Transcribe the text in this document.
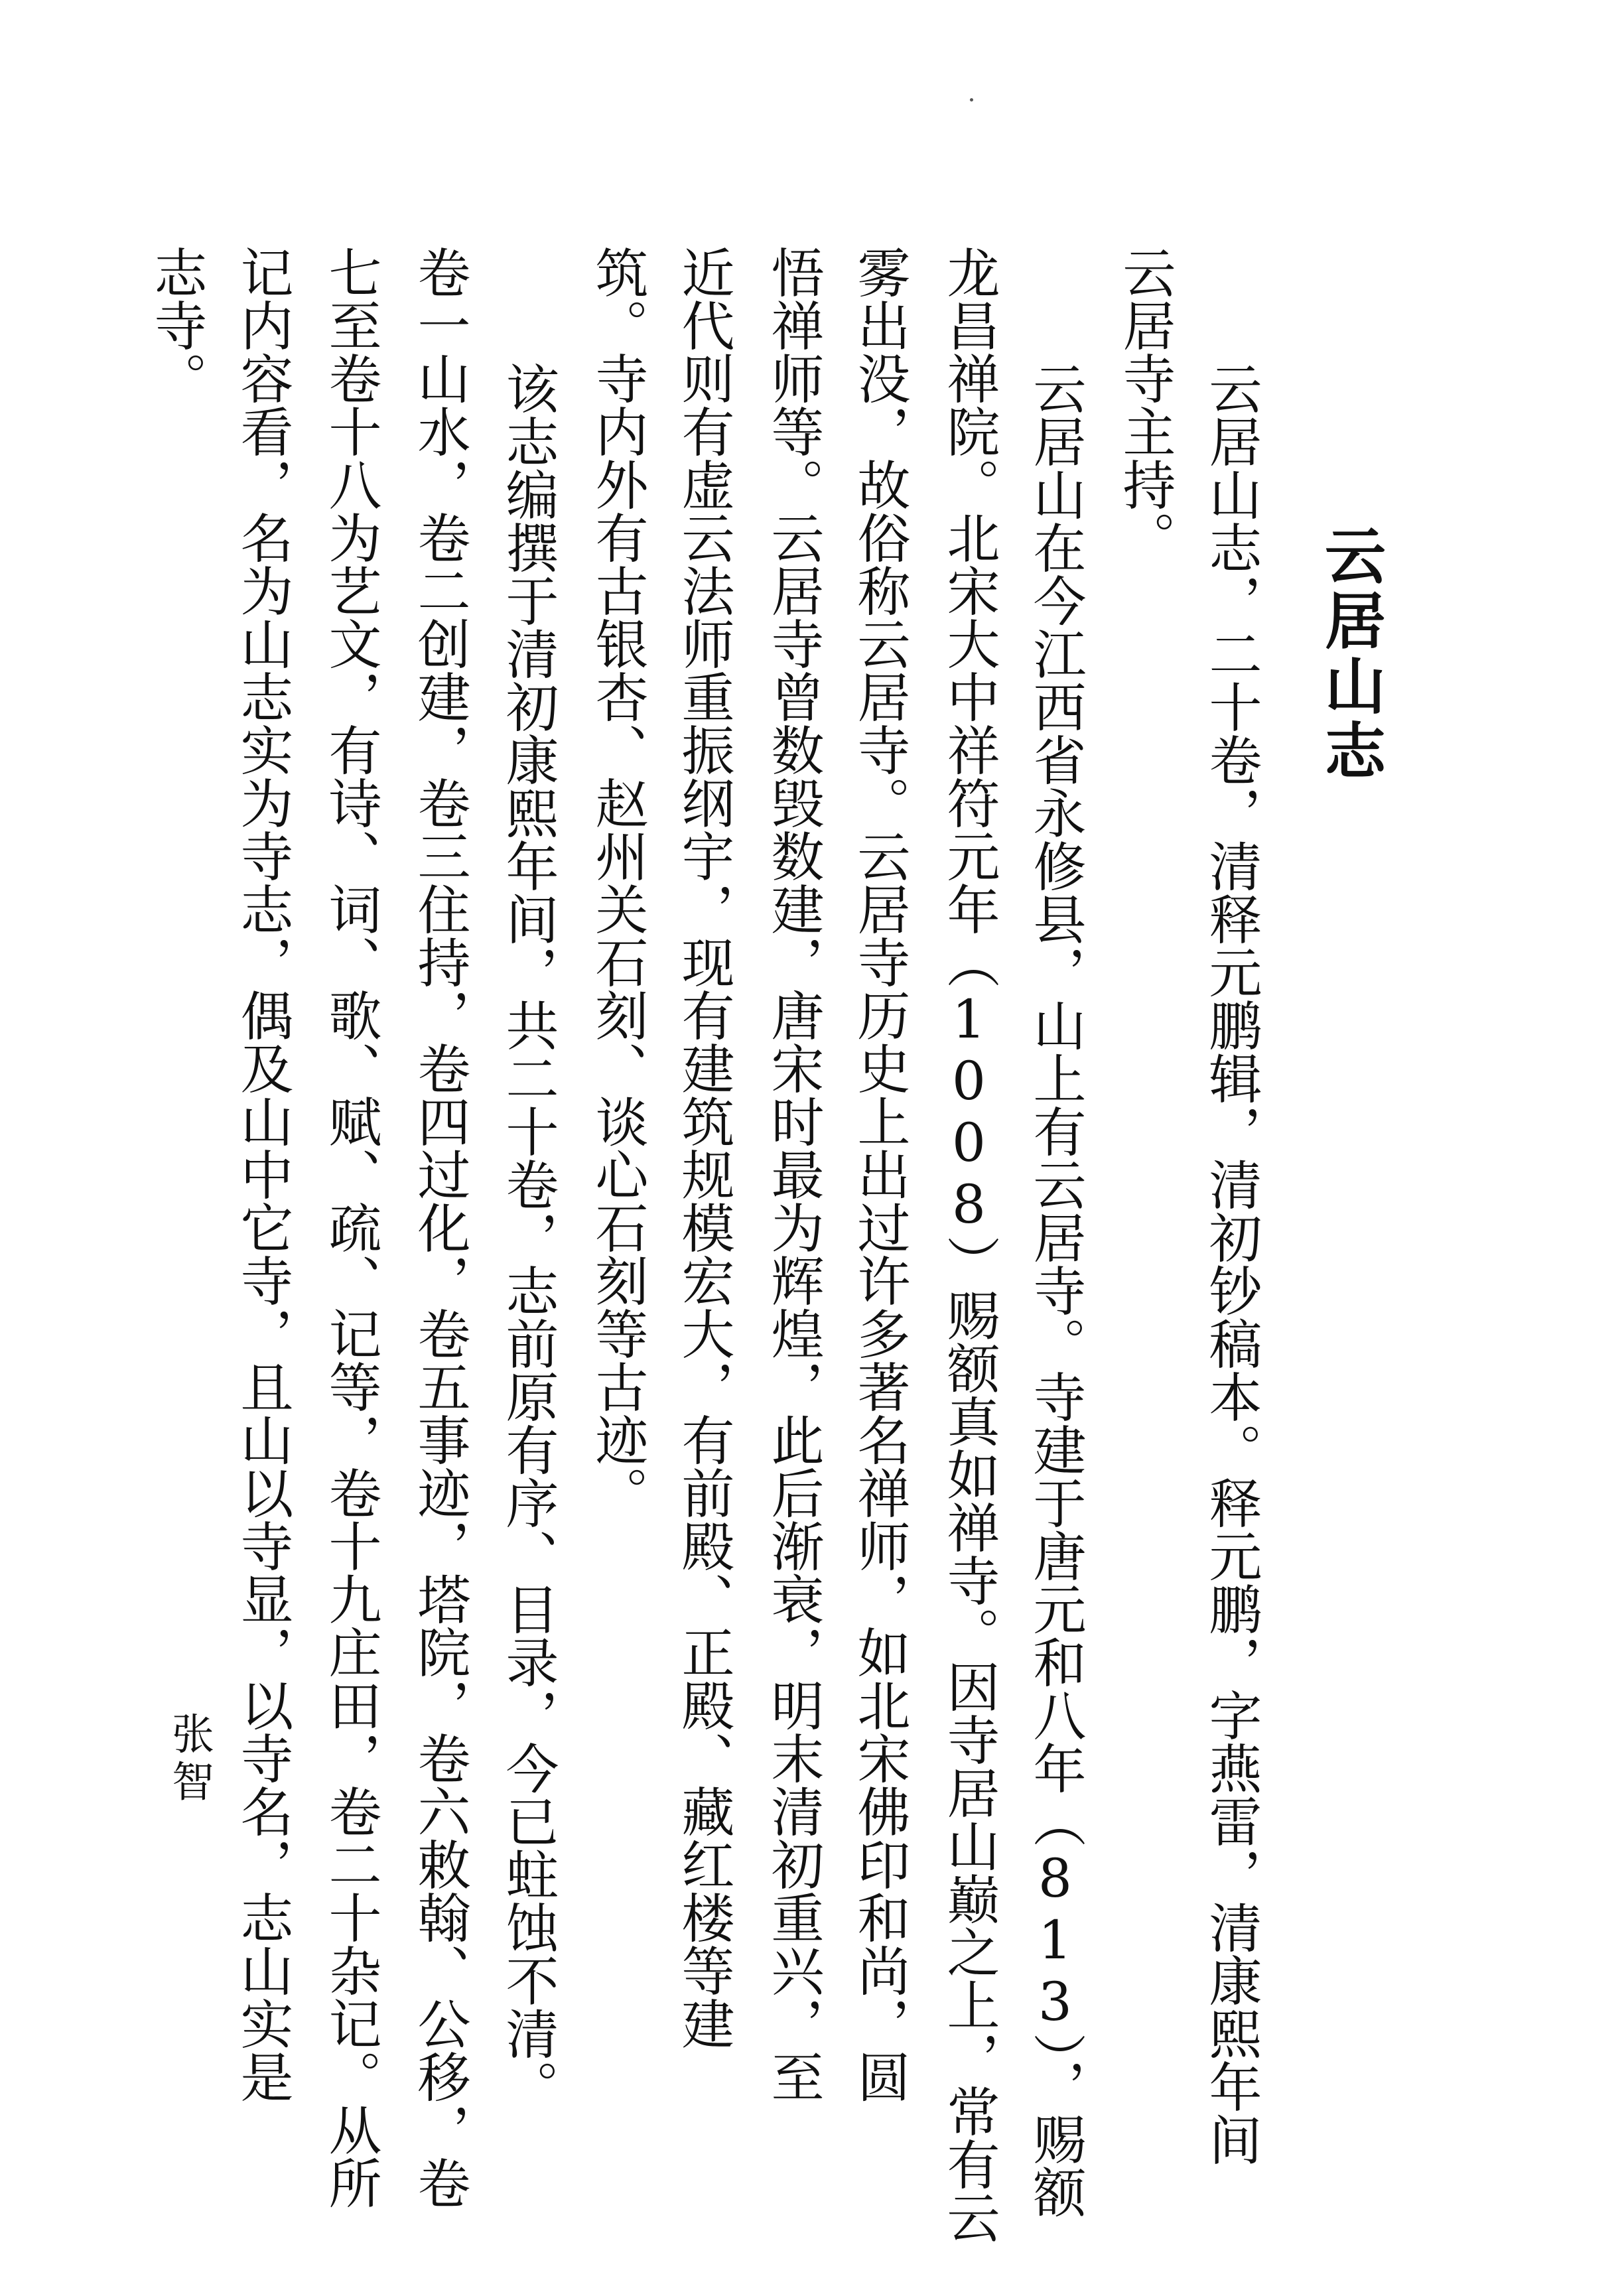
云居山志
云居山志，二十卷，清释元鹏辑，清初钞稿本。释元鹏，字燕雷，清康熙年间
云居寺主持。
云居山在今江西省永修县，山上有云居寺。寺建于唐元和八年（813），赐额
龙昌禅院。北宋大中祥符元年（1008）赐额真如禅寺。因寺居山巅之上，常有云
雾出没，故俗称云居寺。云居寺历史上出过许多著名禅师，如北宋佛印和尚，圆
悟禅师等。云居寺曾数毁数建，唐宋时最为辉煌，此后渐衰，明末清初重兴，至
近代则有虚云法师重振纲宇，现有建筑规模宏大，有前殿、正殿、藏红楼等建
筑。寺内外有古银杏、赵州关石刻、谈心石刻等古迹。
该志编撰于清初康熙年间，共二十卷，志前原有序、目录，今已蛀蚀不清。
卷一山水，卷二创建，卷三住持，卷四过化，卷五事迹，塔院，卷六敕翰、公移，卷
七至卷十八为艺文，有诗、词、歌、赋、疏、记等，卷十九庄田，卷二十杂记。从所
记内容看，名为山志实为寺志，偶及山中它寺，且山以寺显，以寺名，志山实是
志寺。
张智
